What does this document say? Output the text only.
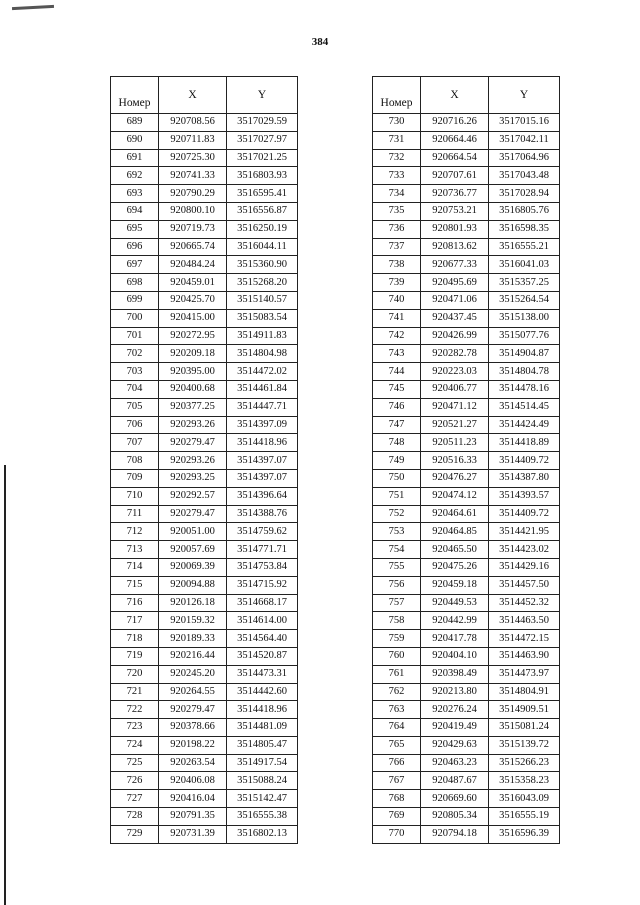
384
Номер	X	Y
689	920708.56	3517029.59
690	920711.83	3517027.97
691	920725.30	3517021.25
692	920741.33	3516803.93
693	920790.29	3516595.41
694	920800.10	3516556.87
695	920719.73	3516250.19
696	920665.74	3516044.11
697	920484.24	3515360.90
698	920459.01	3515268.20
699	920425.70	3515140.57
700	920415.00	3515083.54
701	920272.95	3514911.83
702	920209.18	3514804.98
703	920395.00	3514472.02
704	920400.68	3514461.84
705	920377.25	3514447.71
706	920293.26	3514397.09
707	920279.47	3514418.96
708	920293.26	3514397.07
709	920293.25	3514397.07
710	920292.57	3514396.64
711	920279.47	3514388.76
712	920051.00	3514759.62
713	920057.69	3514771.71
714	920069.39	3514753.84
715	920094.88	3514715.92
716	920126.18	3514668.17
717	920159.32	3514614.00
718	920189.33	3514564.40
719	920216.44	3514520.87
720	920245.20	3514473.31
721	920264.55	3514442.60
722	920279.47	3514418.96
723	920378.66	3514481.09
724	920198.22	3514805.47
725	920263.54	3514917.54
726	920406.08	3515088.24
727	920416.04	3515142.47
728	920791.35	3516555.38
729	920731.39	3516802.13
Номер	X	Y
730	920716.26	3517015.16
731	920664.46	3517042.11
732	920664.54	3517064.96
733	920707.61	3517043.48
734	920736.77	3517028.94
735	920753.21	3516805.76
736	920801.93	3516598.35
737	920813.62	3516555.21
738	920677.33	3516041.03
739	920495.69	3515357.25
740	920471.06	3515264.54
741	920437.45	3515138.00
742	920426.99	3515077.76
743	920282.78	3514904.87
744	920223.03	3514804.78
745	920406.77	3514478.16
746	920471.12	3514514.45
747	920521.27	3514424.49
748	920511.23	3514418.89
749	920516.33	3514409.72
750	920476.27	3514387.80
751	920474.12	3514393.57
752	920464.61	3514409.72
753	920464.85	3514421.95
754	920465.50	3514423.02
755	920475.26	3514429.16
756	920459.18	3514457.50
757	920449.53	3514452.32
758	920442.99	3514463.50
759	920417.78	3514472.15
760	920404.10	3514463.90
761	920398.49	3514473.97
762	920213.80	3514804.91
763	920276.24	3514909.51
764	920419.49	3515081.24
765	920429.63	3515139.72
766	920463.23	3515266.23
767	920487.67	3515358.23
768	920669.60	3516043.09
769	920805.34	3516555.19
770	920794.18	3516596.39
